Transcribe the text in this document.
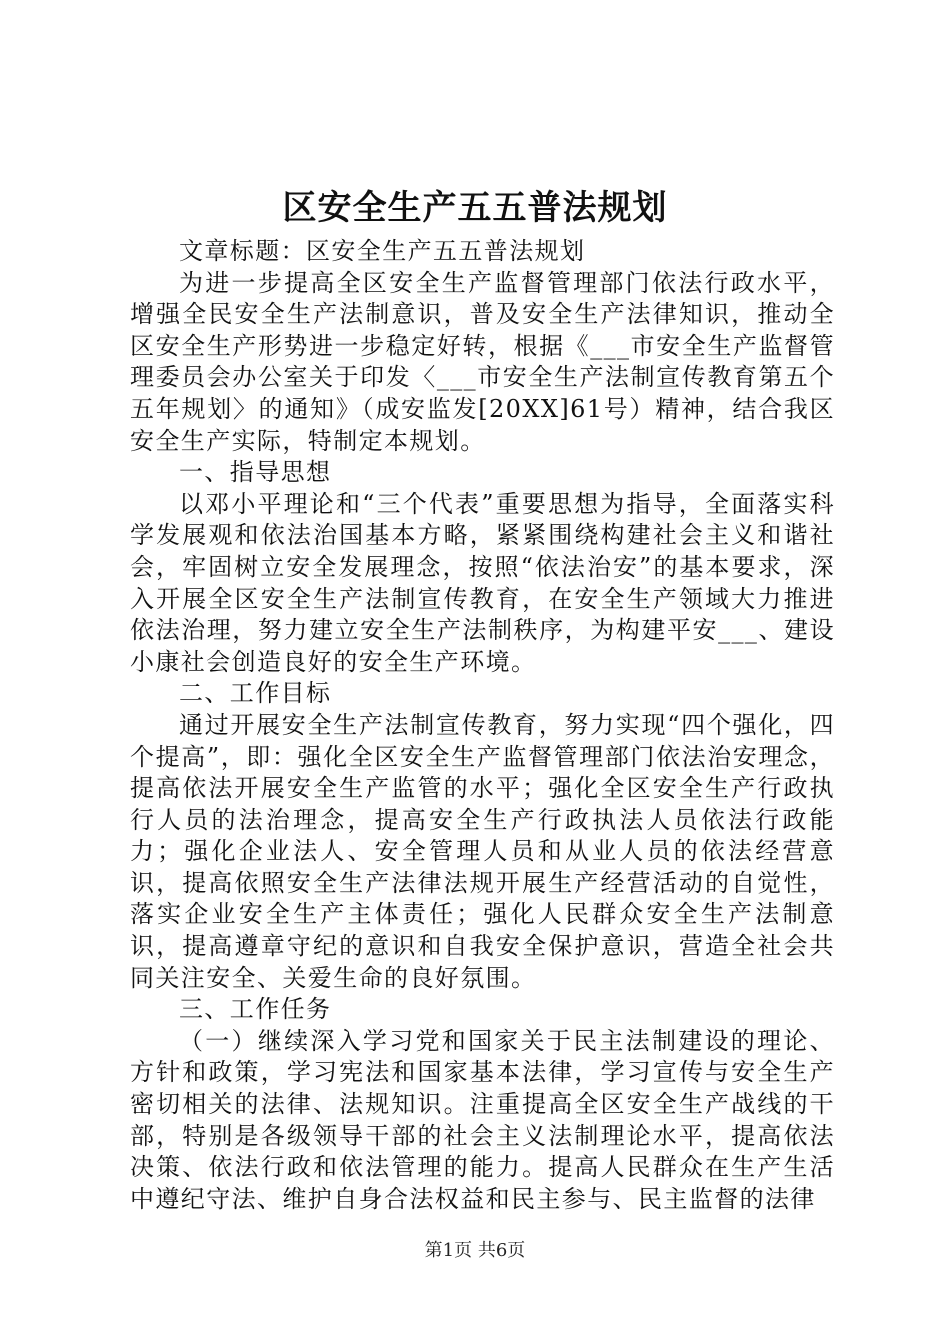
区安全生产五五普法规划

文章标题：区安全生产五五普法规划

为进一步提高全区安全生产监督管理部门依法行政水平，增强全民安全生产法制意识，普及安全生产法律知识，推动全区安全生产形势进一步稳定好转，根据《___市安全生产监督管理委员会办公室关于印发〈___市安全生产法制宣传教育第五个五年规划〉的通知》（成安监发[20XX]61号）精神，结合我区安全生产实际，特制定本规划。

一、指导思想

以邓小平理论和“三个代表”重要思想为指导，全面落实科学发展观和依法治国基本方略，紧紧围绕构建社会主义和谐社会，牢固树立安全发展理念，按照“依法治安”的基本要求，深入开展全区安全生产法制宣传教育，在安全生产领域大力推进依法治理，努力建立安全生产法制秩序，为构建平安___、建设小康社会创造良好的安全生产环境。

二、工作目标

通过开展安全生产法制宣传教育，努力实现“四个强化，四个提高”，即：强化全区安全生产监督管理部门依法治安理念，提高依法开展安全生产监管的水平；强化全区安全生产行政执行人员的法治理念，提高安全生产行政执法人员依法行政能力；强化企业法人、安全管理人员和从业人员的依法经营意识，提高依照安全生产法律法规开展生产经营活动的自觉性，落实企业安全生产主体责任；强化人民群众安全生产法制意识，提高遵章守纪的意识和自我安全保护意识，营造全社会共同关注安全、关爱生命的良好氛围。

三、工作任务

（一）继续深入学习党和国家关于民主法制建设的理论、方针和政策，学习宪法和国家基本法律，学习宣传与安全生产密切相关的法律、法规知识。注重提高全区安全生产战线的干部，特别是各级领导干部的社会主义法制理论水平，提高依法决策、依法行政和依法管理的能力。提高人民群众在生产生活中遵纪守法、维护自身合法权益和民主参与、民主监督的法律

第1页 共6页
